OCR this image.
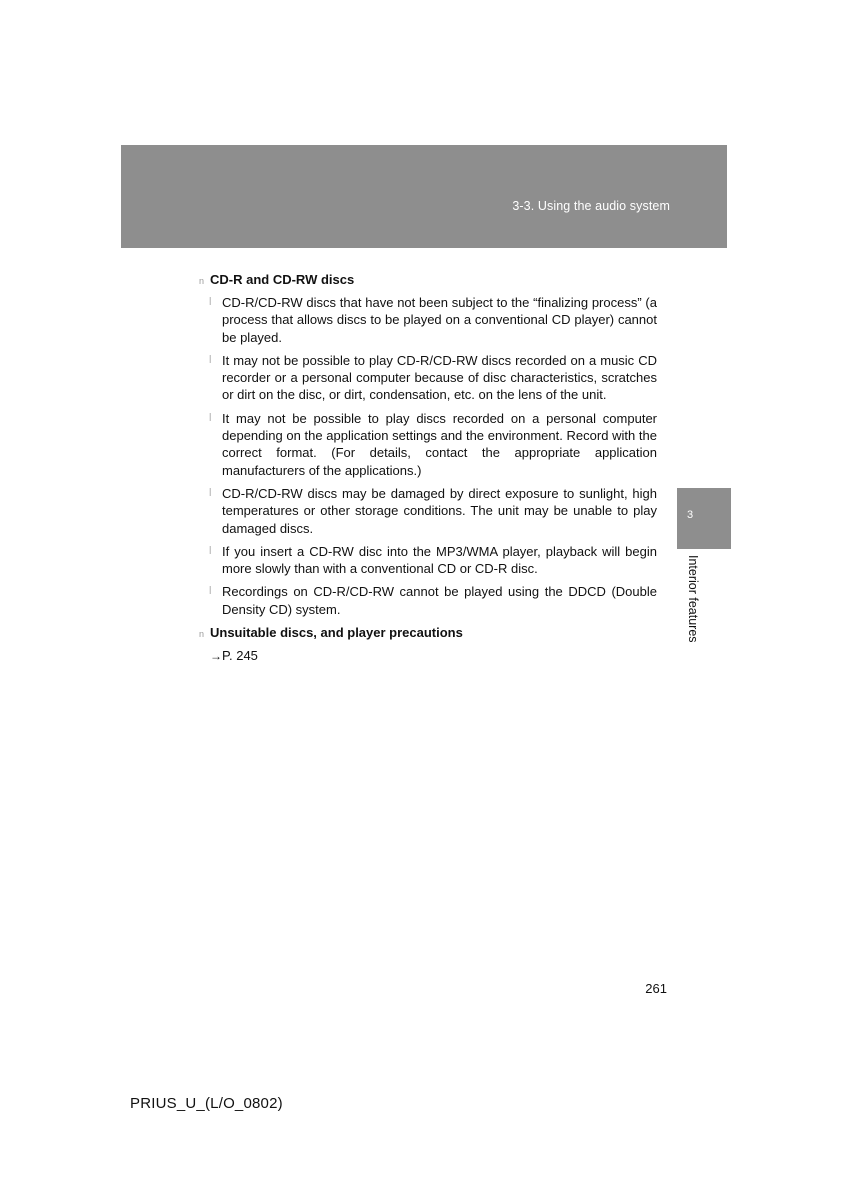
3-3. Using the audio system
3
Interior features
n CD-R and CD-RW discs
l CD-R/CD-RW discs that have not been subject to the “finalizing process” (a process that allows discs to be played on a conventional CD player) cannot be played.
l It may not be possible to play CD-R/CD-RW discs recorded on a music CD recorder or a personal computer because of disc characteristics, scratches or dirt on the disc, or dirt, condensation, etc. on the lens of the unit.
l It may not be possible to play discs recorded on a personal computer depending on the application settings and the environment. Record with the correct format. (For details, contact the appropriate application manufacturers of the applications.)
l CD-R/CD-RW discs may be damaged by direct exposure to sunlight, high temperatures or other storage conditions. The unit may be unable to play damaged discs.
l If you insert a CD-RW disc into the MP3/WMA player, playback will begin more slowly than with a conventional CD or CD-R disc.
l Recordings on CD-R/CD-RW cannot be played using the DDCD (Double Density CD) system.
n Unsuitable discs, and player precautions
→P. 245
261
PRIUS_U_(L/O_0802)
